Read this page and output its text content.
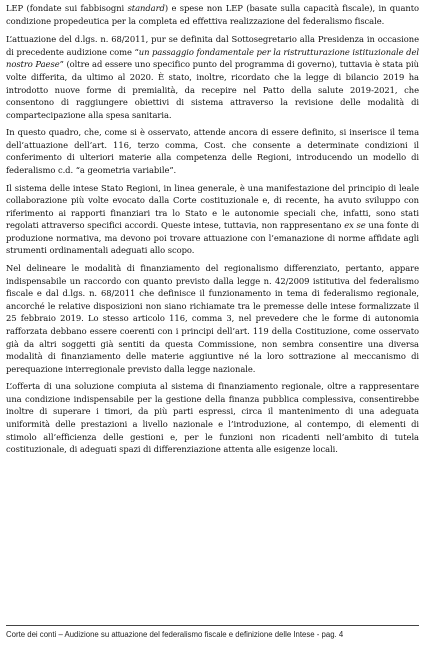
LEP (fondate sui fabbisogni standard) e spese non LEP (basate sulla capacità fiscale), in quanto condizione propedeutica per la completa ed effettiva realizzazione del federalismo fiscale.

L’attuazione del d.lgs. n. 68/2011, pur se definita dal Sottosegretario alla Presidenza in occasione di precedente audizione come “un passaggio fondamentale per la ristrutturazione istituzionale del nostro Paese” (oltre ad essere uno specifico punto del programma di governo), tuttavia è stata più volte differita, da ultimo al 2020. È stato, inoltre, ricordato che la legge di bilancio 2019 ha introdotto nuove forme di premialità, da recepire nel Patto della salute 2019-2021, che consentono di raggiungere obiettivi di sistema attraverso la revisione delle modalità di compartecipazione alla spesa sanitaria.

In questo quadro, che, come si è osservato, attende ancora di essere definito, si inserisce il tema dell’attuazione dell’art. 116, terzo comma, Cost. che consente a determinate condizioni il conferimento di ulteriori materie alla competenza delle Regioni, introducendo un modello di federalismo c.d. “a geometria variabile”.

Il sistema delle intese Stato Regioni, in linea generale, è una manifestazione del principio di leale collaborazione più volte evocato dalla Corte costituzionale e, di recente, ha avuto sviluppo con riferimento ai rapporti finanziari tra lo Stato e le autonomie speciali che, infatti, sono stati regolati attraverso specifici accordi. Queste intese, tuttavia, non rappresentano ex se una fonte di produzione normativa, ma devono poi trovare attuazione con l’emanazione di norme affidate agli strumenti ordinamentali adeguati allo scopo.

Nel delineare le modalità di finanziamento del regionalismo differenziato, pertanto, appare indispensabile un raccordo con quanto previsto dalla legge n. 42/2009 istitutiva del federalismo fiscale e dal d.lgs. n. 68/2011 che definisce il funzionamento in tema di federalismo regionale, ancorché le relative disposizioni non siano richiamate tra le premesse delle intese formalizzate il 25 febbraio 2019. Lo stesso articolo 116, comma 3, nel prevedere che le forme di autonomia rafforzata debbano essere coerenti con i principi dell’art. 119 della Costituzione, come osservato già da altri soggetti già sentiti da questa Commissione, non sembra consentire una diversa modalità di finanziamento delle materie aggiuntive né la loro sottrazione al meccanismo di perequazione interregionale previsto dalla legge nazionale.

L’offerta di una soluzione compiuta al sistema di finanziamento regionale, oltre a rappresentare una condizione indispensabile per la gestione della finanza pubblica complessiva, consentirebbe inoltre di superare i timori, da più parti espressi, circa il mantenimento di una adeguata uniformità delle prestazioni a livello nazionale e l’introduzione, al contempo, di elementi di stimolo all’efficienza delle gestioni e, per le funzioni non ricadenti nell’ambito di tutela costituzionale, di adeguati spazi di differenziazione attenta alle esigenze locali.

Corte dei conti – Audizione su attuazione del federalismo fiscale e definizione delle Intese - pag. 4
